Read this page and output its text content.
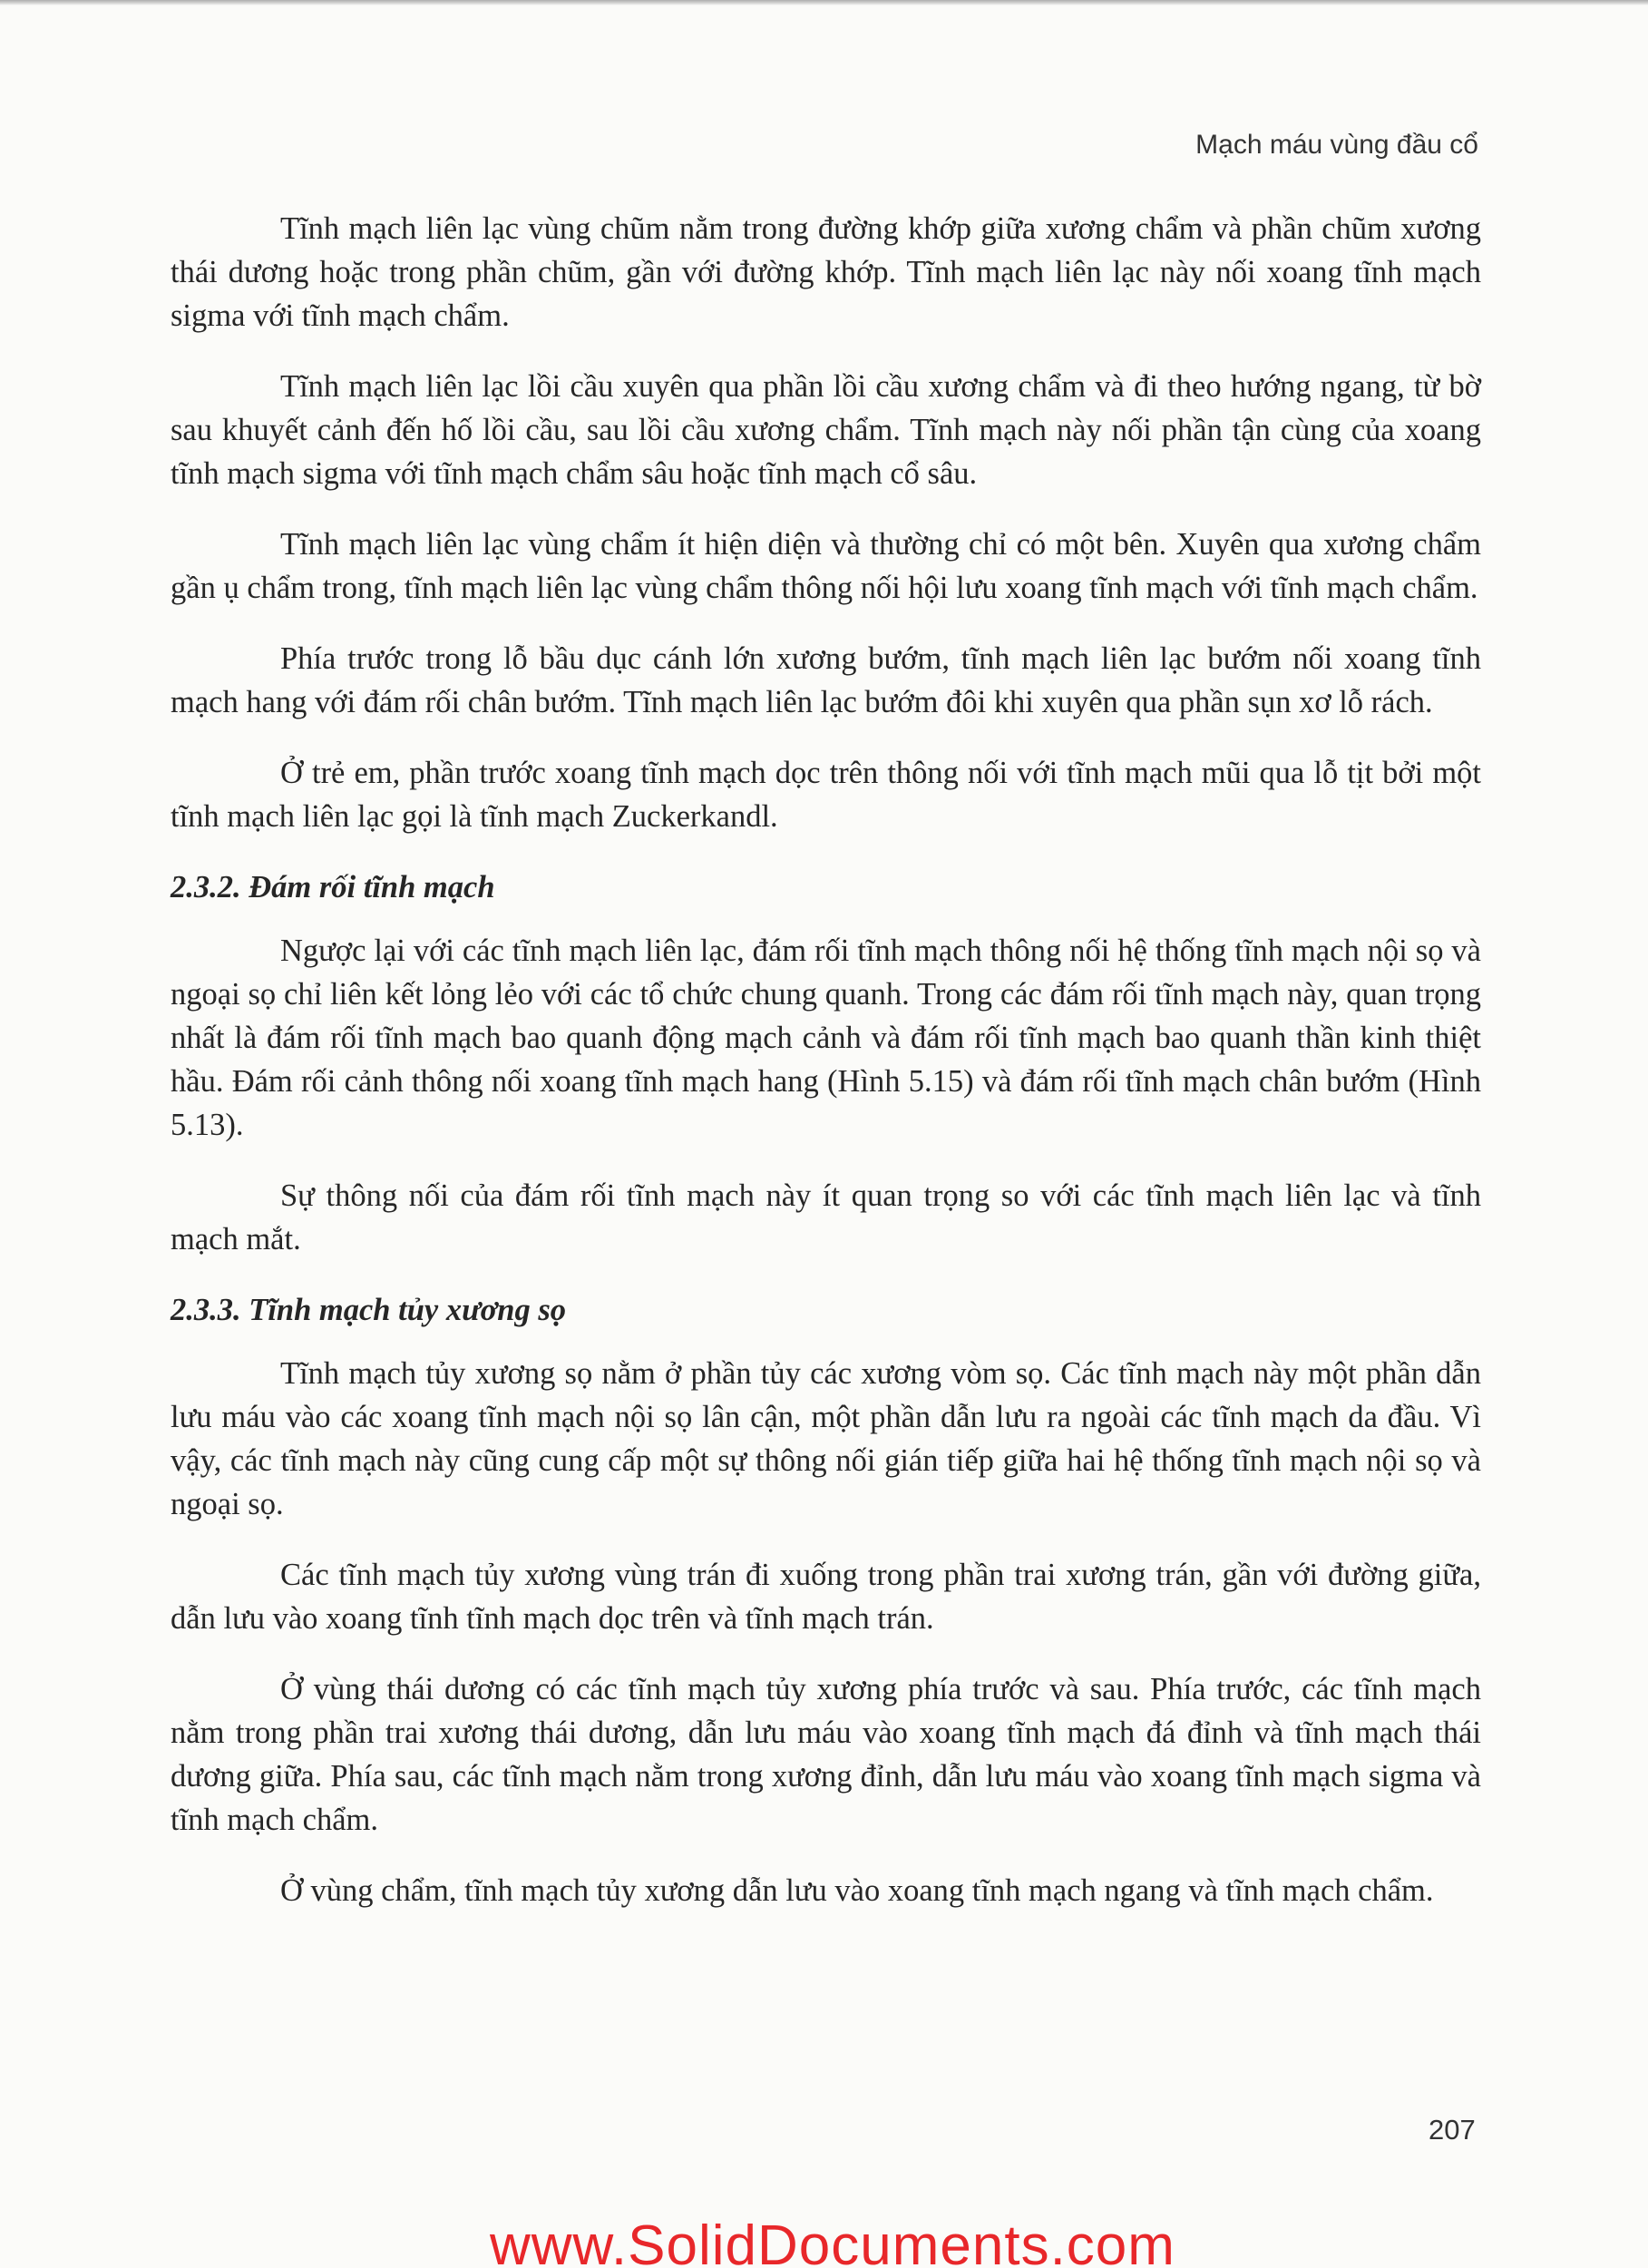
Mạch máu vùng đầu cổ

Tĩnh mạch liên lạc vùng chũm nằm trong đường khớp giữa xương chẩm và phần chũm xương thái dương hoặc trong phần chũm, gần với đường khớp. Tĩnh mạch liên lạc này nối xoang tĩnh mạch sigma với tĩnh mạch chẩm.

Tĩnh mạch liên lạc lồi cầu xuyên qua phần lồi cầu xương chẩm và đi theo hướng ngang, từ bờ sau khuyết cảnh đến hố lồi cầu, sau lồi cầu xương chẩm. Tĩnh mạch này nối phần tận cùng của xoang tĩnh mạch sigma với tĩnh mạch chẩm sâu hoặc tĩnh mạch cổ sâu.

Tĩnh mạch liên lạc vùng chẩm ít hiện diện và thường chỉ có một bên. Xuyên qua xương chẩm gần ụ chẩm trong, tĩnh mạch liên lạc vùng chẩm thông nối hội lưu xoang tĩnh mạch với tĩnh mạch chẩm.

Phía trước trong lỗ bầu dục cánh lớn xương bướm, tĩnh mạch liên lạc bướm nối xoang tĩnh mạch hang với đám rối chân bướm. Tĩnh mạch liên lạc bướm đôi khi xuyên qua phần sụn xơ lỗ rách.

Ở trẻ em, phần trước xoang tĩnh mạch dọc trên thông nối với tĩnh mạch mũi qua lỗ tịt bởi một tĩnh mạch liên lạc gọi là tĩnh mạch Zuckerkandl.

2.3.2. Đám rối tĩnh mạch

Ngược lại với các tĩnh mạch liên lạc, đám rối tĩnh mạch thông nối hệ thống tĩnh mạch nội sọ và ngoại sọ chỉ liên kết lỏng lẻo với các tổ chức chung quanh. Trong các đám rối tĩnh mạch này, quan trọng nhất là đám rối tĩnh mạch bao quanh động mạch cảnh và đám rối tĩnh mạch bao quanh thần kinh thiệt hầu. Đám rối cảnh thông nối xoang tĩnh mạch hang (Hình 5.15) và đám rối tĩnh mạch chân bướm (Hình 5.13).

Sự thông nối của đám rối tĩnh mạch này ít quan trọng so với các tĩnh mạch liên lạc và tĩnh mạch mắt.

2.3.3. Tĩnh mạch tủy xương sọ

Tĩnh mạch tủy xương sọ nằm ở phần tủy các xương vòm sọ. Các tĩnh mạch này một phần dẫn lưu máu vào các xoang tĩnh mạch nội sọ lân cận, một phần dẫn lưu ra ngoài các tĩnh mạch da đầu. Vì vậy, các tĩnh mạch này cũng cung cấp một sự thông nối gián tiếp giữa hai hệ thống tĩnh mạch nội sọ và ngoại sọ.

Các tĩnh mạch tủy xương vùng trán đi xuống trong phần trai xương trán, gần với đường giữa, dẫn lưu vào xoang tĩnh tĩnh mạch dọc trên và tĩnh mạch trán.

Ở vùng thái dương có các tĩnh mạch tủy xương phía trước và sau. Phía trước, các tĩnh mạch nằm trong phần trai xương thái dương, dẫn lưu máu vào xoang tĩnh mạch đá đỉnh và tĩnh mạch thái dương giữa. Phía sau, các tĩnh mạch nằm trong xương đỉnh, dẫn lưu máu vào xoang tĩnh mạch sigma và tĩnh mạch chẩm.

Ở vùng chẩm, tĩnh mạch tủy xương dẫn lưu vào xoang tĩnh mạch ngang và tĩnh mạch chẩm.

207
www.SolidDocuments.com
